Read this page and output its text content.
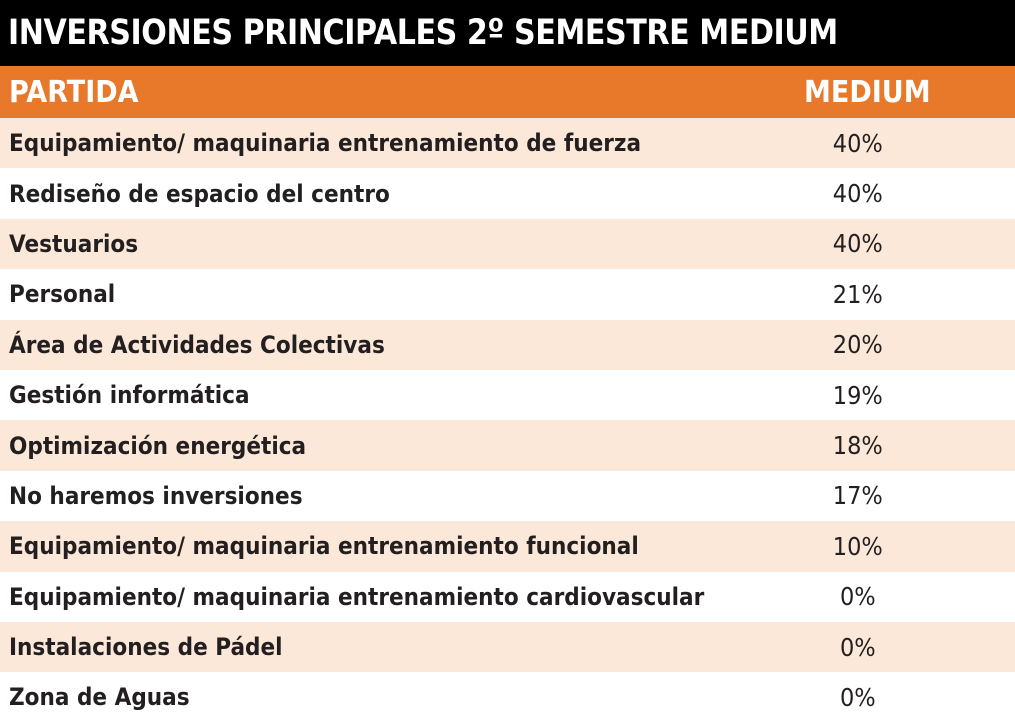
INVERSIONES PRINCIPALES 2º SEMESTRE MEDIUM
PARTIDA	MEDIUM
Equipamiento/ maquinaria entrenamiento de fuerza	40%
Rediseño de espacio del centro	40%
Vestuarios	40%
Personal	21%
Área de Actividades Colectivas	20%
Gestión informática	19%
Optimización energética	18%
No haremos inversiones	17%
Equipamiento/ maquinaria entrenamiento funcional	10%
Equipamiento/ maquinaria entrenamiento cardiovascular	0%
Instalaciones de Pádel	0%
Zona de Aguas	0%
